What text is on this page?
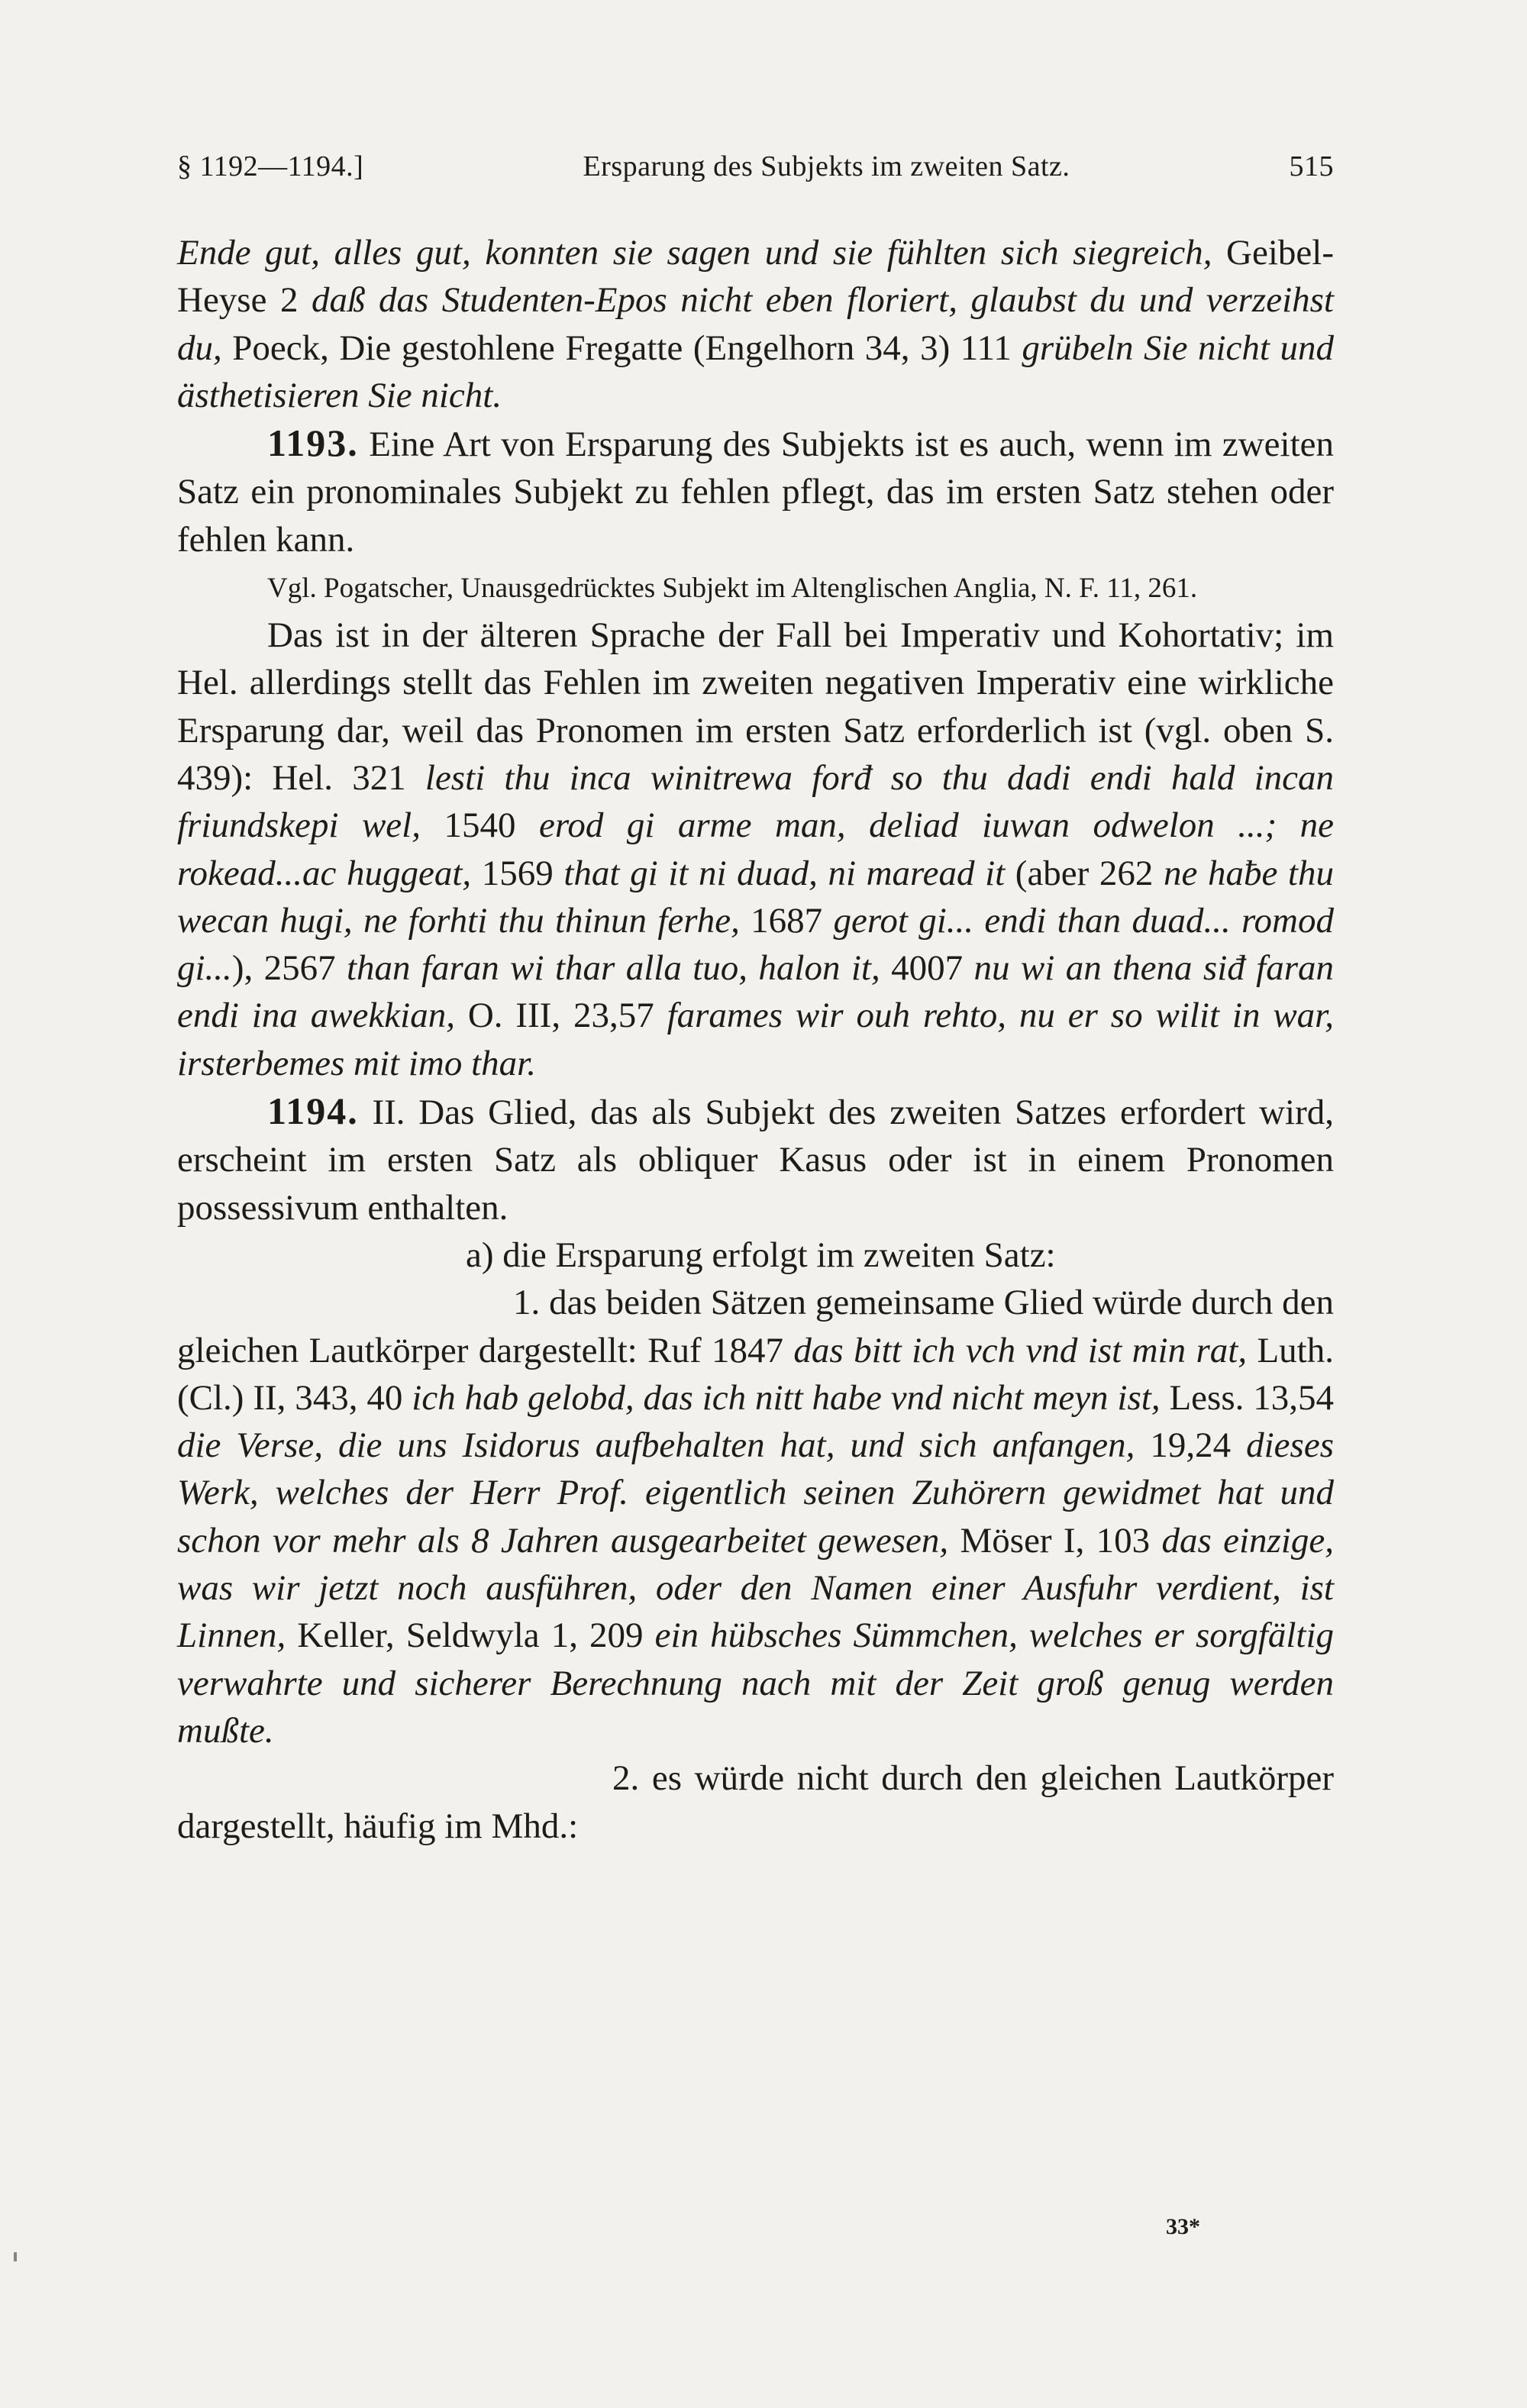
§ 1192—1194.]	Ersparung des Subjekts im zweiten Satz.	515

Ende gut, alles gut, konnten sie sagen und sie fühlten sich siegreich, Geibel-Heyse 2 daß das Studenten-Epos nicht eben floriert, glaubst du und verzeihst du, Poeck, Die gestohlene Fregatte (Engelhorn 34, 3) 111 grübeln Sie nicht und ästhetisieren Sie nicht.

1193. Eine Art von Ersparung des Subjekts ist es auch, wenn im zweiten Satz ein pronominales Subjekt zu fehlen pflegt, das im ersten Satz stehen oder fehlen kann.

Vgl. Pogatscher, Unausgedrücktes Subjekt im Altenglischen Anglia, N. F. 11, 261.

Das ist in der älteren Sprache der Fall bei Imperativ und Kohortativ; im Hel. allerdings stellt das Fehlen im zweiten negativen Imperativ eine wirkliche Ersparung dar, weil das Pronomen im ersten Satz erforderlich ist (vgl. oben S. 439): Hel. 321 lesti thu inca winitrewa forđ so thu dadi endi hald incan friundskepi wel, 1540 erod gi arme man, deliad iuwan odwelon ...; ne rokead...ac huggeat, 1569 that gi it ni duad, ni maread it (aber 262 ne haƀe thu wecan hugi, ne forhti thu thinun ferhe, 1687 gerot gi... endi than duad... romod gi...), 2567 than faran wi thar alla tuo, halon it, 4007 nu wi an thena siđ faran endi ina awekkian, O. III, 23,57 farames wir ouh rehto, nu er so wilit in war, irsterbemes mit imo thar.

1194. II. Das Glied, das als Subjekt des zweiten Satzes erfordert wird, erscheint im ersten Satz als obliquer Kasus oder ist in einem Pronomen possessivum enthalten.

a) die Ersparung erfolgt im zweiten Satz:

1. das beiden Sätzen gemeinsame Glied würde durch den gleichen Lautkörper dargestellt: Ruf 1847 das bitt ich vch vnd ist min rat, Luth. (Cl.) II, 343, 40 ich hab gelobd, das ich nitt habe vnd nicht meyn ist, Less. 13,54 die Verse, die uns Isidorus aufbehalten hat, und sich anfangen, 19,24 dieses Werk, welches der Herr Prof. eigentlich seinen Zuhörern gewidmet hat und schon vor mehr als 8 Jahren ausgearbeitet gewesen, Möser I, 103 das einzige, was wir jetzt noch ausführen, oder den Namen einer Ausfuhr verdient, ist Linnen, Keller, Seldwyla 1, 209 ein hübsches Sümmchen, welches er sorgfältig verwahrte und sicherer Berechnung nach mit der Zeit groß genug werden mußte.

2. es würde nicht durch den gleichen Lautkörper dargestellt, häufig im Mhd.:

33*
